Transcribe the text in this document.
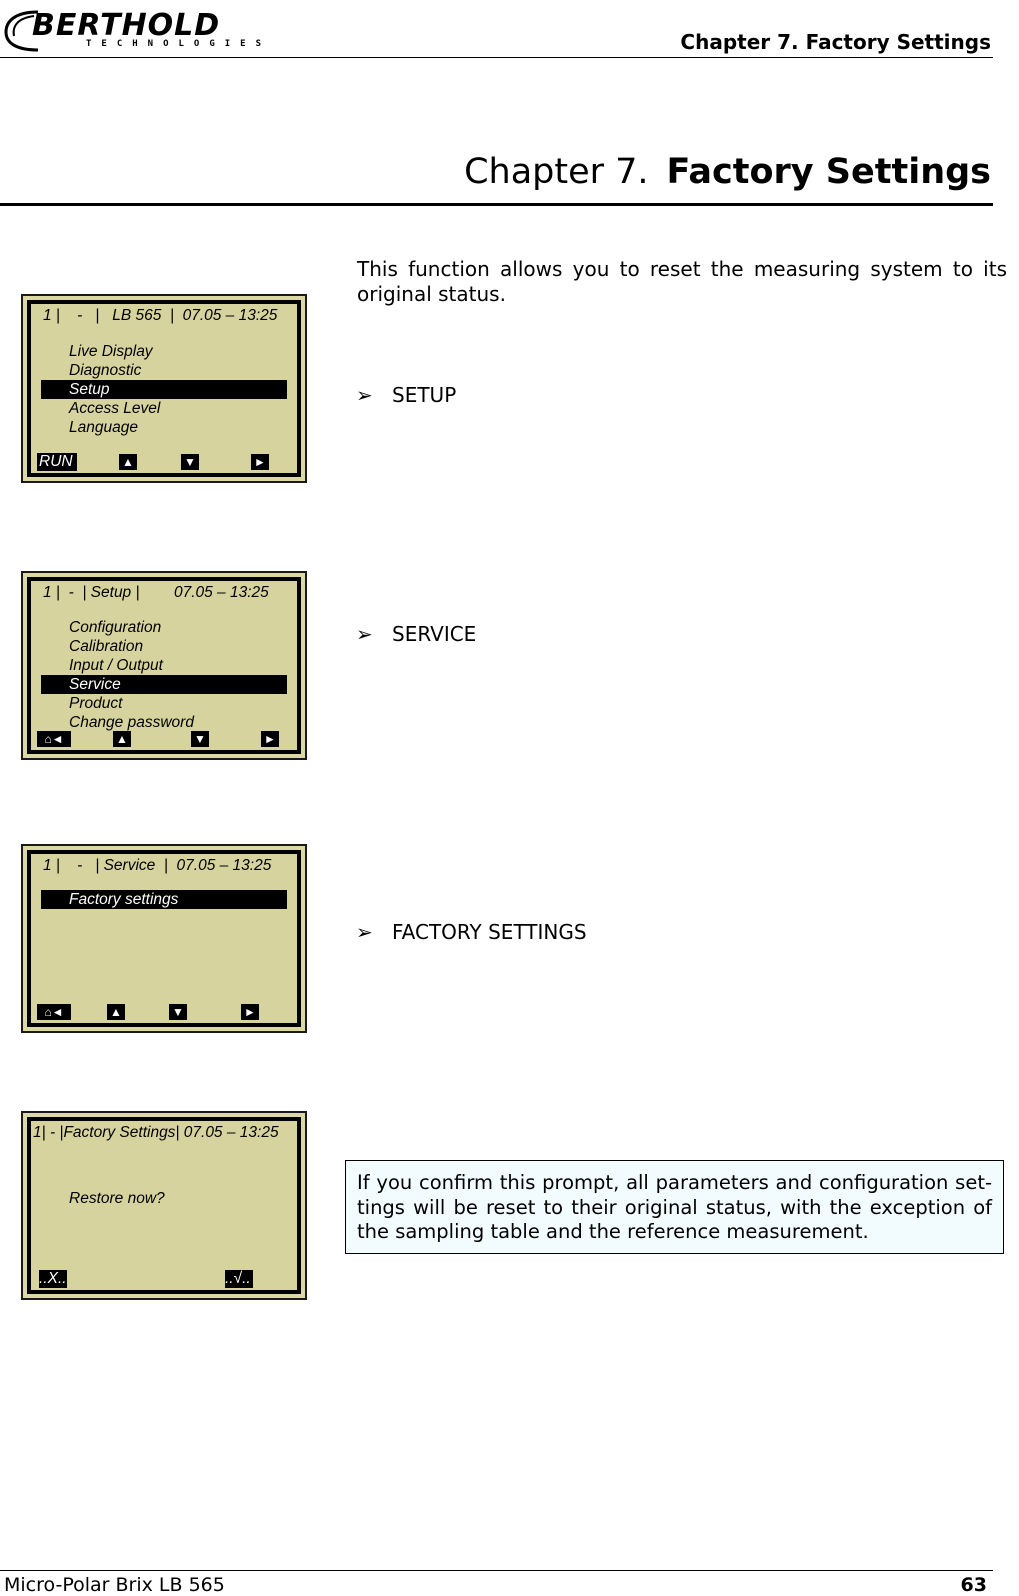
BERTHOLD
TECHNOLOGIES	Chapter 7. Factory Settings
Chapter 7. Factory Settings
This function allows you to reset the measuring system to its original status.
➢ SETUP
➢ SERVICE
➢ FACTORY SETTINGS
If you confirm this prompt, all parameters and configuration set-tings will be reset to their original status, with the exception of the sampling table and the reference measurement.
1 |    -   |   LB 565  |  07.05 – 13:25
Live Display
Diagnostic
Setup
Access Level
Language
RUN	▲	▼	►
1 |  -  | Setup |        07.05 – 13:25
Configuration
Calibration
Input / Output
Service
Product
Change password
⌂◄	▲	▼	►
1 |    -   | Service  |  07.05 – 13:25
Factory settings
⌂◄	▲	▼	►
1| - |Factory Settings| 07.05 – 13:25
Restore now?
..X..	..√..
Micro-Polar Brix LB 565	63
